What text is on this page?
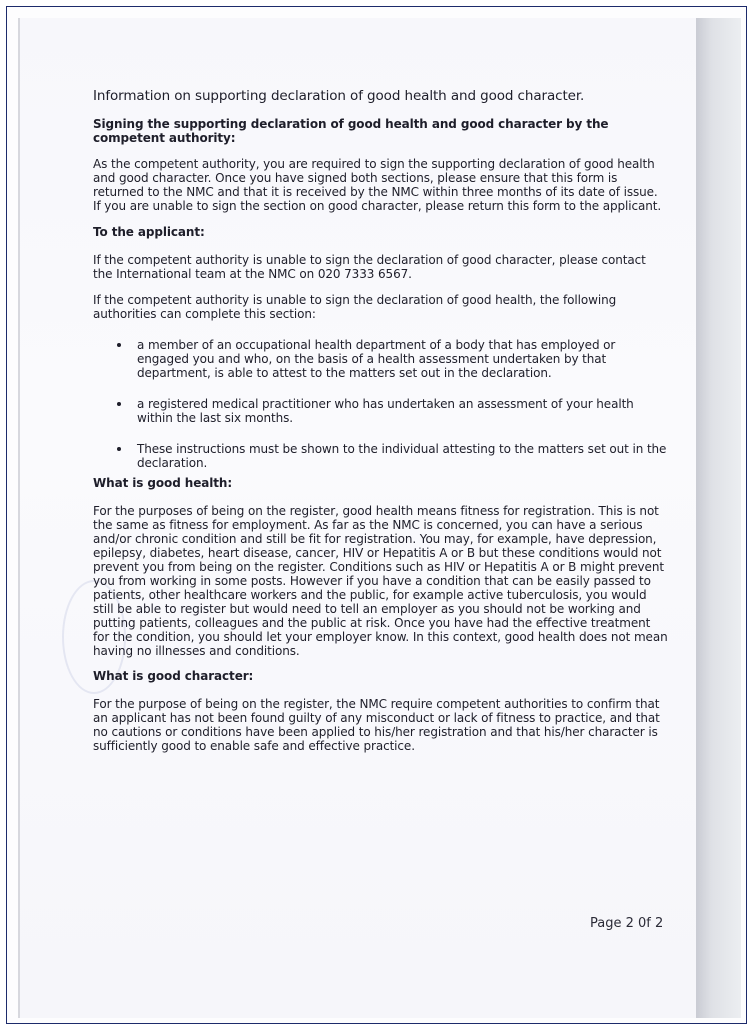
Information on supporting declaration of good health and good character.

Signing the supporting declaration of good health and good character by the competent authority:

As the competent authority, you are required to sign the supporting declaration of good health and good character. Once you have signed both sections, please ensure that this form is returned to the NMC and that it is received by the NMC within three months of its date of issue.

If you are unable to sign the section on good character, please return this form to the applicant.

To the applicant:

If the competent authority is unable to sign the declaration of good character, please contact the International team at the NMC on 020 7333 6567.

If the competent authority is unable to sign the declaration of good health, the following authorities can complete this section:

a member of an occupational health department of a body that has employed or engaged you and who, on the basis of a health assessment undertaken by that department, is able to attest to the matters set out in the declaration.
a registered medical practitioner who has undertaken an assessment of your health within the last six months.
These instructions must be shown to the individual attesting to the matters set out in the declaration.

What is good health:

For the purposes of being on the register, good health means fitness for registration. This is not the same as fitness for employment. As far as the NMC is concerned, you can have a serious and/or chronic condition and still be fit for registration. You may, for example, have depression, epilepsy, diabetes, heart disease, cancer, HIV or Hepatitis A or B but these conditions would not prevent you from being on the register. Conditions such as HIV or Hepatitis A or B might prevent you from working in some posts. However if you have a condition that can be easily passed to patients, other healthcare workers and the public, for example active tuberculosis, you would still be able to register but would need to tell an employer as you should not be working and putting patients, colleagues and the public at risk. Once you have had the effective treatment for the condition, you should let your employer know. In this context, good health does not mean having no illnesses and conditions.

What is good character:

For the purpose of being on the register, the NMC require competent authorities to confirm that an applicant has not been found guilty of any misconduct or lack of fitness to practice, and that no cautions or conditions have been applied to his/her registration and that his/her character is sufficiently good to enable safe and effective practice.

Page 2 0f 2
